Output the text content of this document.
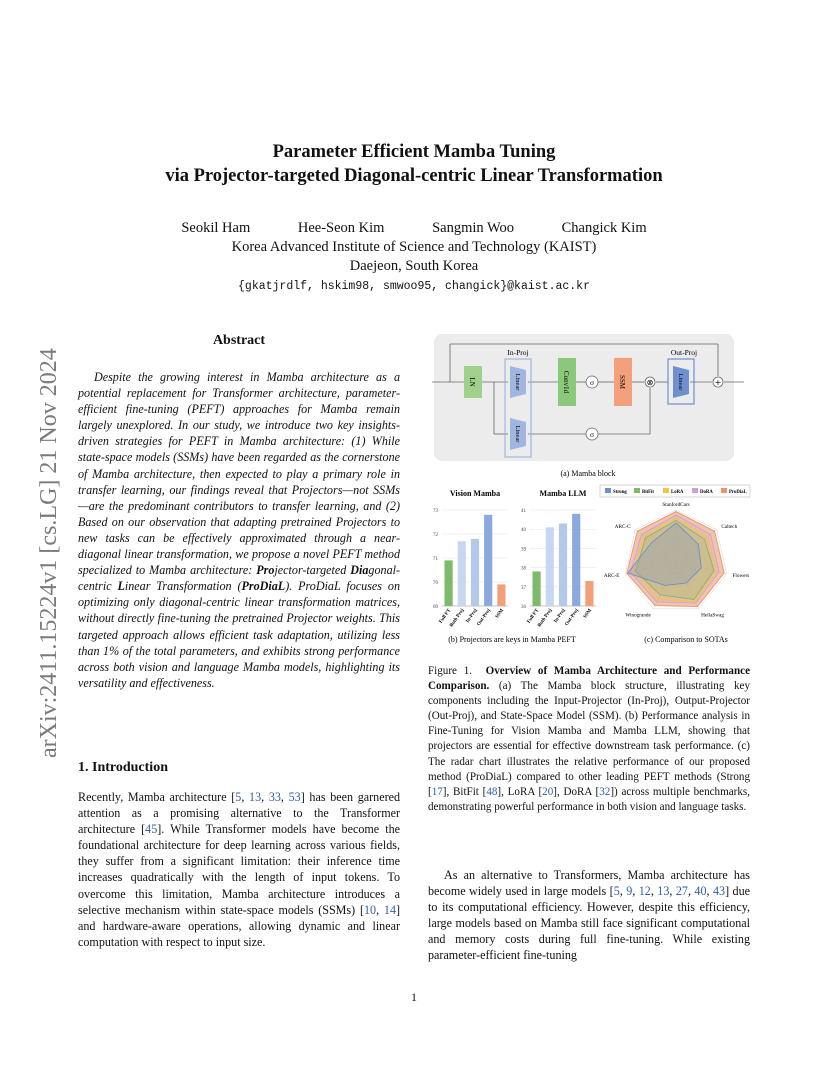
arXiv:2411.15224v1 [cs.LG] 21 Nov 2024
Parameter Efficient Mamba Tuning
via Projector-targeted Diagonal-centric Linear Transformation
Seokil Ham	Hee-Seon Kim	Sangmin Woo	Changick Kim
Korea Advanced Institute of Science and Technology (KAIST)
Daejeon, South Korea
{gkatjrdlf, hskim98, smwoo95, changick}@kaist.ac.kr
Abstract
Despite the growing interest in Mamba architecture as a potential replacement for Transformer architecture, parameter-efficient fine-tuning (PEFT) approaches for Mamba remain largely unexplored. In our study, we introduce two key insights-driven strategies for PEFT in Mamba architecture: (1) While state-space models (SSMs) have been regarded as the cornerstone of Mamba architecture, then expected to play a primary role in transfer learning, our findings reveal that Projectors—not SSMs—are the predominant contributors to transfer learning, and (2) Based on our observation that adapting pretrained Projectors to new tasks can be effectively approximated through a near-diagonal linear transformation, we propose a novel PEFT method specialized to Mamba architecture: Projector-targeted Diagonal-centric Linear Transformation (ProDiaL). ProDiaL focuses on optimizing only diagonal-centric linear transformation matrices, without directly fine-tuning the pretrained Projector weights. This targeted approach allows efficient task adaptation, utilizing less than 1% of the total parameters, and exhibits strong performance across both vision and language Mamba models, highlighting its versatility and effectiveness.
1. Introduction
Recently, Mamba architecture [5, 13, 33, 53] has been garnered attention as a promising alternative to the Transformer architecture [45]. While Transformer models have become the foundational architecture for deep learning across various fields, they suffer from a significant limitation: their inference time increases quadratically with the length of input tokens. To overcome this limitation, Mamba architecture introduces a selective mechanism within state-space models (SSMs) [10, 14] and hardware-aware operations, allowing dynamic and linear computation with respect to input size.
In-Proj	Out-Proj
LN	Linear
Linear
Conv1d	σ	SSM	⊗	Linear	+
σ
(a) Mamba block
Vision Mamba
73
72
71
70
69
Full FT
Both Proj In-Proj
Out-Proj SSM
Mamba LLM
41
40
39
38
37
36
Full FT
Both Proj In-Proj
Out-Proj SSM
Strong	BitFit	LoRA	DoRA	ProDiaL
StanfordCars
Caltech
Flowers
HellaSwag
Winogrande
ARC-E
ARC-C
(b) Projectors are keys in Mamba PEFT	(c) Comparison to SOTAs
Figure 1. Overview of Mamba Architecture and Performance Comparison. (a) The Mamba block structure, illustrating key components including the Input-Projector (In-Proj), Output-Projector (Out-Proj), and State-Space Model (SSM). (b) Performance analysis in Fine-Tuning for Vision Mamba and Mamba LLM, showing that projectors are essential for effective downstream task performance. (c) The radar chart illustrates the relative performance of our proposed method (ProDiaL) compared to other leading PEFT methods (Strong [17], BitFit [48], LoRA [20], DoRA [32]) across multiple benchmarks, demonstrating powerful performance in both vision and language tasks.
As an alternative to Transformers, Mamba architecture has become widely used in large models [5, 9, 12, 13, 27, 40, 43] due to its computational efficiency. However, despite this efficiency, large models based on Mamba still face significant computational and memory costs during full fine-tuning. While existing parameter-efficient fine-tuning
1
